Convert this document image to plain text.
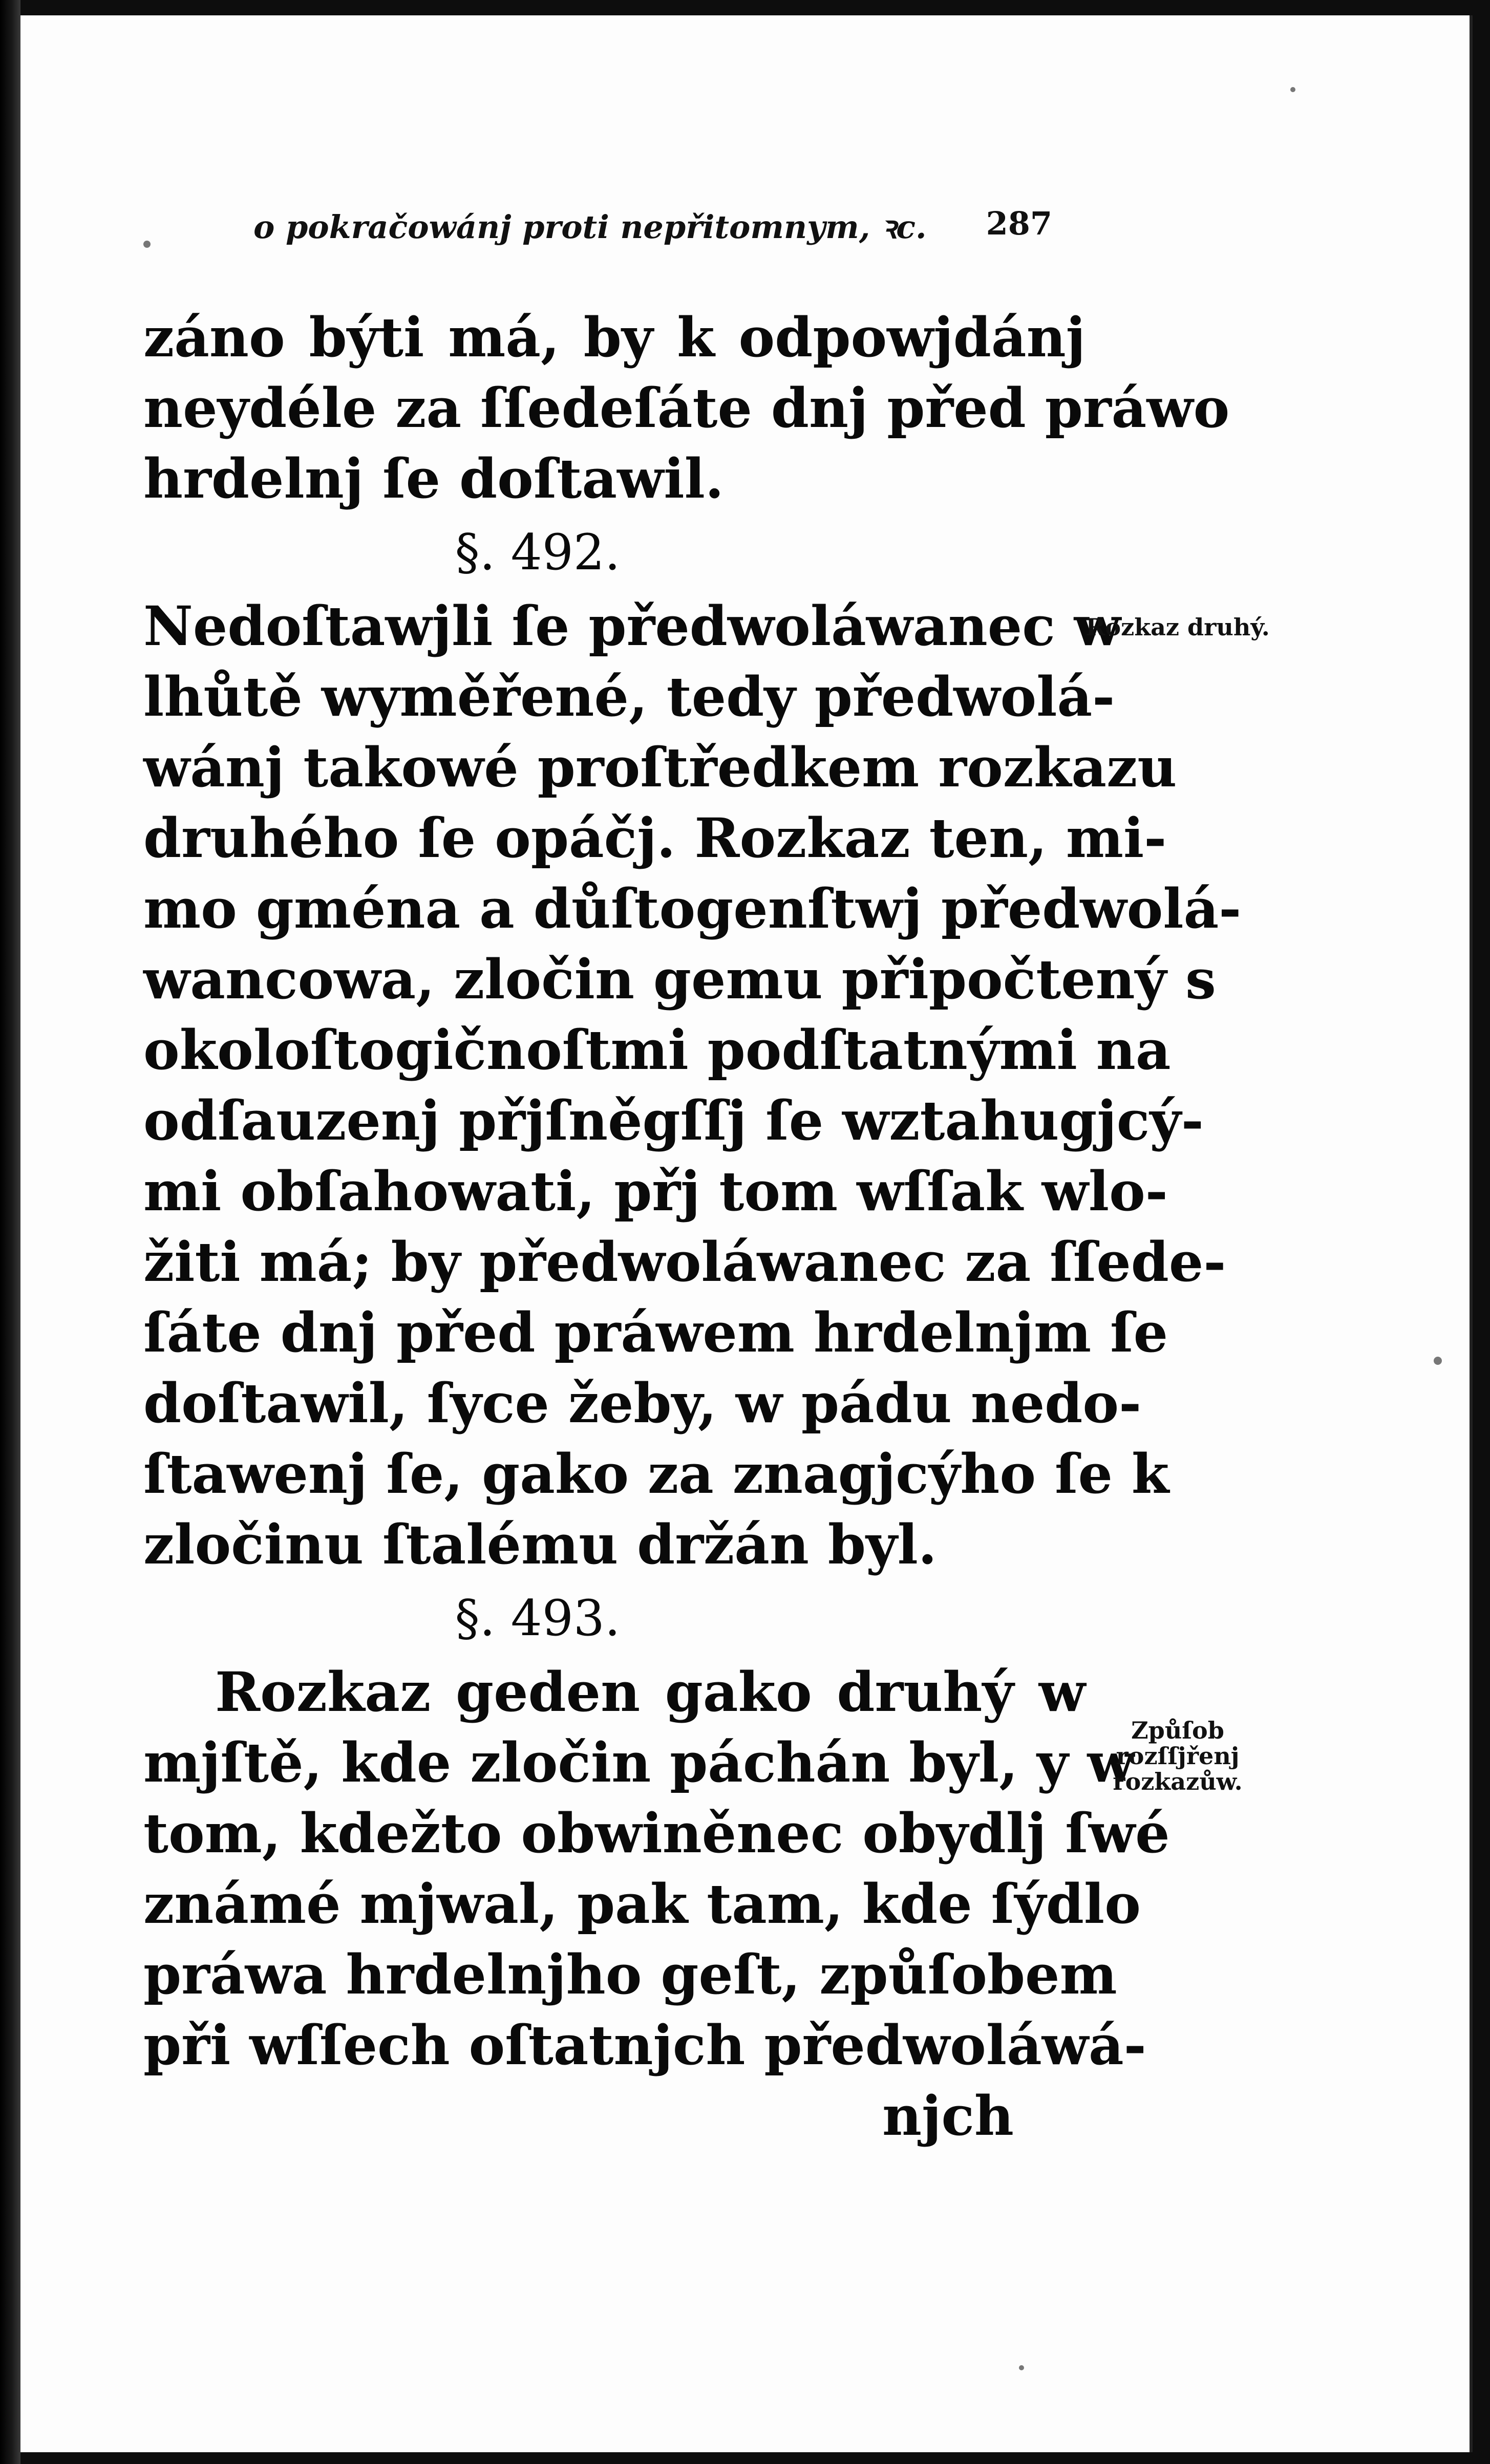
o pokračowánj proti nepřitomnym, ꝛc. 287
záno býti má, by k odpowjdánj
neydéle za ſſedeſáte dnj před práwo
hrdelnj ſe doſtawil.
§. 492.
Nedoſtawjli ſe předwoláwanec w
lhůtě wyměřené, tedy předwolá-
wánj takowé proſtředkem rozkazu
druhého ſe opáčj. Rozkaz ten, mi-
mo gména a důſtogenſtwj předwolá-
wancowa, zločin gemu připočtený s
okoloſtogičnoſtmi podſtatnými na
odſauzenj přjſněgſſj ſe wztahugjcý-
mi obſahowati, přj tom wſſak wlo-
žiti má; by předwoláwanec za ſſede-
ſáte dnj před práwem hrdelnjm ſe
doſtawil, ſyce žeby, w pádu nedo-
ſtawenj ſe, gako za znagjcýho ſe k
zločinu ſtalému držán byl.
§. 493.
Rozkaz geden gako druhý w
mjſtě, kde zločin páchán byl, y w
tom, kdežto obwiněnec obydlj ſwé
známé mjwal, pak tam, kde ſýdlo
práwa hrdelnjho geſt, způſobem
při wſſech oſtatnjch předwoláwá-
njch
Rozkaz druhý.
Způſob rozſſjřenj rozkazůw.
